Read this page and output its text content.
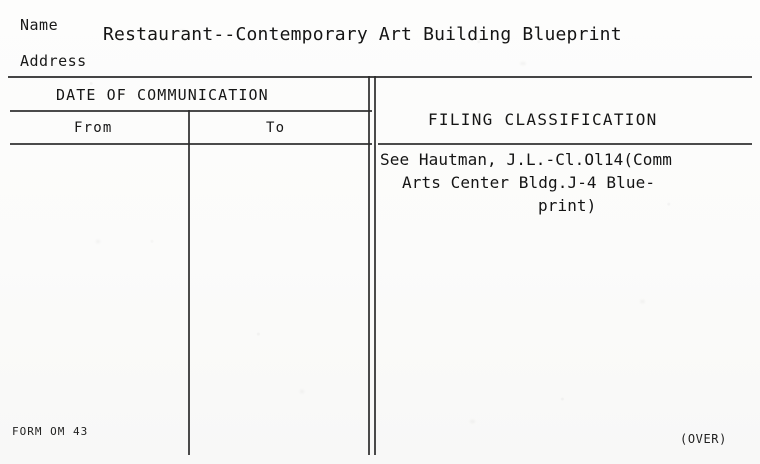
Name Restaurant--Contemporary Art Building Blueprint
Address
DATE OF COMMUNICATION
From	To	FILING CLASSIFICATION
See Hautman, J.L.-Cl.Ol14(Comm
Arts Center Bldg.J-4 Blue-
print)
FORM OM 43
(OVER)
